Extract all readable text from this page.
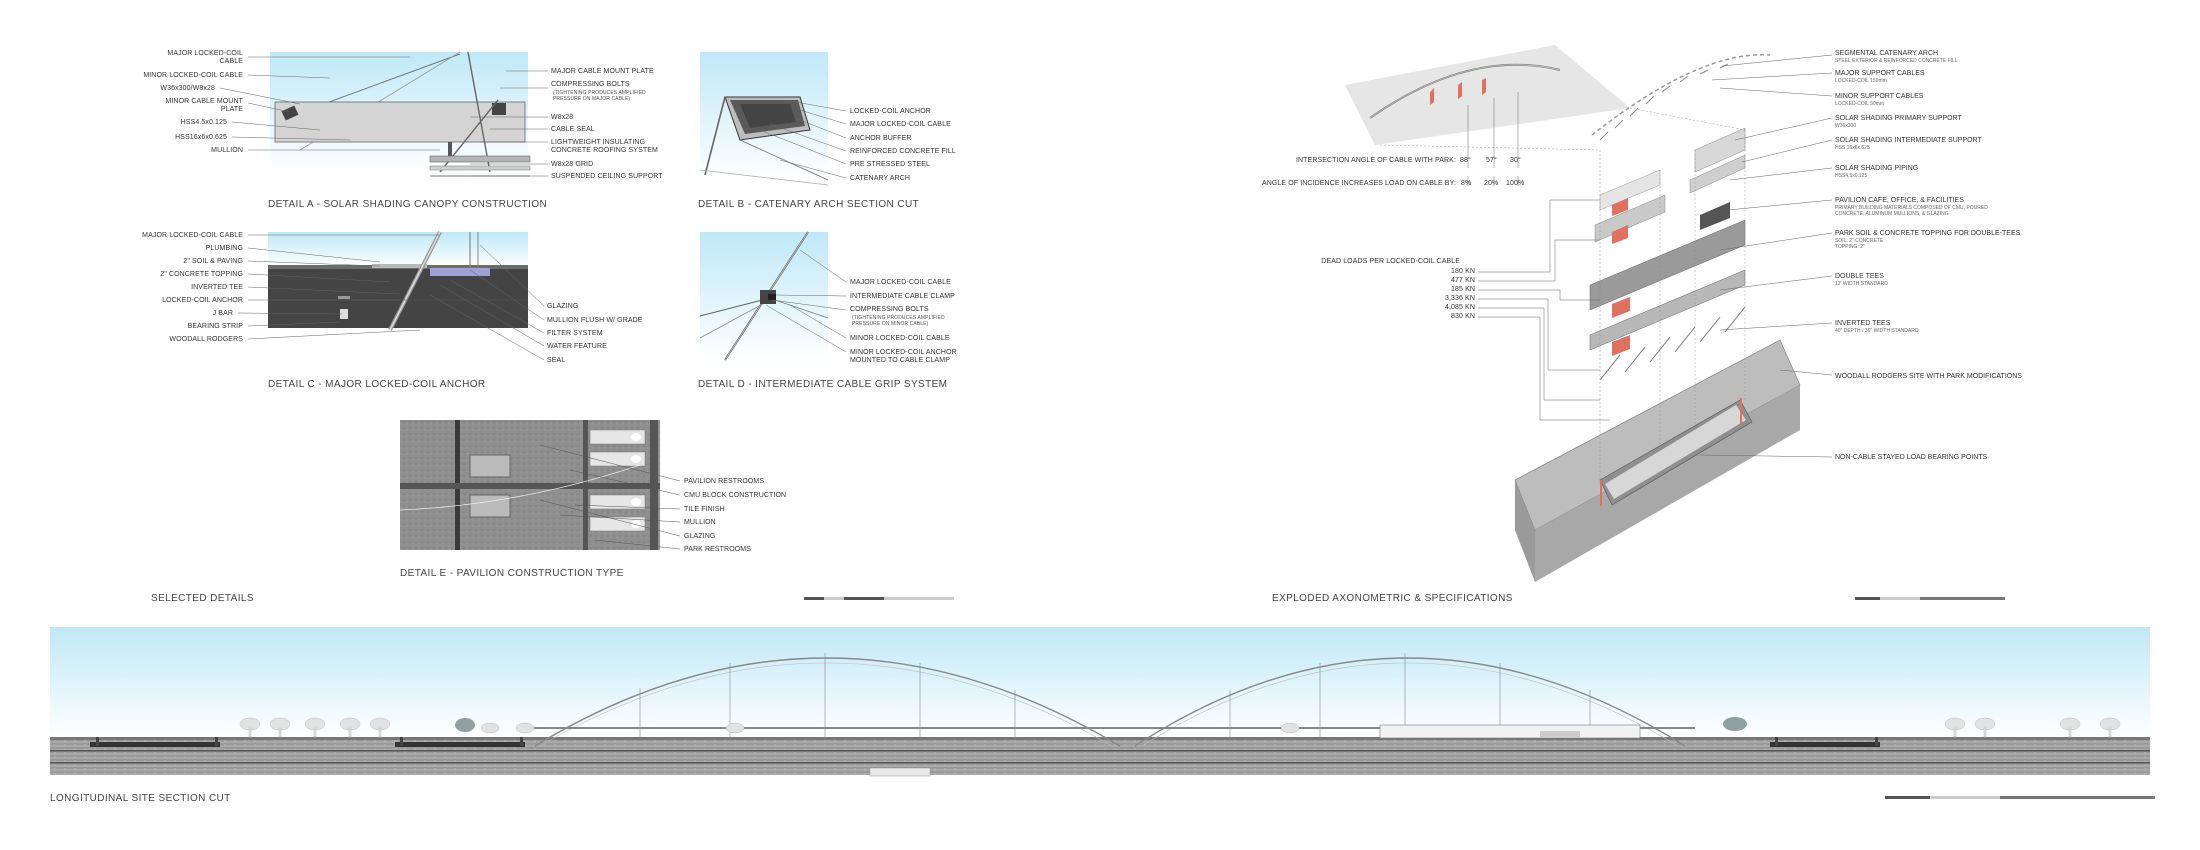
MAJOR LOCKED-COIL CABLE
MINOR LOCKED-COIL CABLE
W36x300/W8x28
MINOR CABLE MOUNT PLATE
HSS4.5x0.125
HSS16x6x0.625
MULLION
MAJOR CABLE MOUNT PLATE
COMPRESSING BOLTS
(TIGHTENING PRODUCES AMPLIFIED PRESSURE ON MAJOR CABLE)
W8x28
CABLE SEAL
LIGHTWEIGHT INSULATING CONCRETE ROOFING SYSTEM
W8x28 GRID
SUSPENDED CEILING SUPPORT
DETAIL A - SOLAR SHADING CANOPY CONSTRUCTION
LOCKED-COIL ANCHOR
MAJOR LOCKED-COIL CABLE
ANCHOR BUFFER
REINFORCED CONCRETE FILL
PRE STRESSED STEEL
CATENARY ARCH
DETAIL B - CATENARY ARCH SECTION CUT
MAJOR LOCKED-COIL CABLE
PLUMBING
2" SOIL & PAVING
2" CONCRETE TOPPING
INVERTED TEE
LOCKED-COIL ANCHOR
J BAR
BEARING STRIP
WOODALL RODGERS
GLAZING
MULLION FLUSH W/ GRADE
FILTER SYSTEM
WATER FEATURE
SEAL
DETAIL C - MAJOR LOCKED-COIL ANCHOR
MAJOR LOCKED-COIL CABLE
INTERMEDIATE CABLE CLAMP
COMPRESSING BOLTS
(TIGHTENING PRODUCES AMPLIFIED PRESSURE ON MINOR CABLE)
MINOR LOCKED-COIL CABLE
MINOR LOCKED-COIL ANCHOR MOUNTED TO CABLE CLAMP
DETAIL D - INTERMEDIATE CABLE GRIP SYSTEM
PAVILION RESTROOMS
CMU BLOCK CONSTRUCTION
TILE FINISH
MULLION
GLAZING
PARK RESTROOMS
DETAIL E - PAVILION CONSTRUCTION TYPE
SELECTED DETAILS
INTERSECTION ANGLE OF CABLE WITH PARK: 88° 57° 30°
ANGLE OF INCIDENCE INCREASES LOAD ON CABLE BY: 8% 20% 100%
DEAD LOADS PER LOCKED-COIL CABLE
180 KN
477 KN
185 KN
3,336 KN
4,085 KN
830 KN
SEGMENTAL CATENARY ARCH
STEEL EXTERIOR & REINFORCED CONCRETE FILL
MAJOR SUPPORT CABLES
LOCKED-COIL 150mm
MINOR SUPPORT CABLES
LOCKED-COIL 50mm
SOLAR SHADING PRIMARY SUPPORT
W36x300
SOLAR SHADING INTERMEDIATE SUPPORT
HSS 16x6x.625
SOLAR SHADING PIPING
HSS4.5x0.125
PAVILION CAFE, OFFICE, & FACILITIES
PRIMARY BUILDING MATERIALS COMPOSED OF CMU, POURED CONCRETE, ALUMINUM MULLIONS, & GLAZING
PARK SOIL & CONCRETE TOPPING FOR DOUBLE-TEES
SOIL: 2" CONCRETE TOPPING: 2"
DOUBLE TEES
12' WIDTH STANDARD
INVERTED TEES
40" DEPTH / 36" WIDTH STANDARD
WOODALL RODGERS SITE WITH PARK MODIFICATIONS
NON-CABLE STAYED LOAD BEARING POINTS
EXPLODED AXONOMETRIC & SPECIFICATIONS
LONGITUDINAL SITE SECTION CUT
